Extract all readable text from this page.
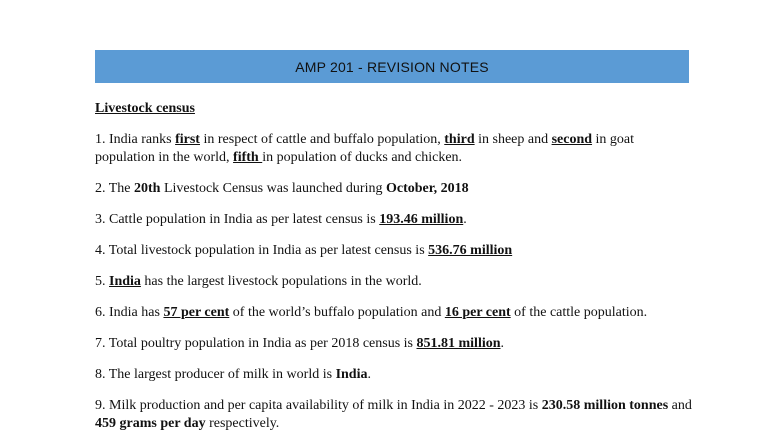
AMP 201 - REVISION NOTES
Livestock census
1. India ranks first in respect of cattle and buffalo population, third in sheep and second in goat population in the world, fifth in population of ducks and chicken.
2. The 20th Livestock Census was launched during October, 2018
3. Cattle population in India as per latest census is 193.46 million.
4. Total livestock population in India as per latest census is 536.76 million
5. India has the largest livestock populations in the world.
6. India has 57 per cent of the world’s buffalo population and 16 per cent of the cattle population.
7. Total poultry population in India as per 2018 census is 851.81 million.
8. The largest producer of milk in world is India.
9. Milk production and per capita availability of milk in India in 2022 - 2023 is 230.58 million tonnes and 459 grams per day respectively.
